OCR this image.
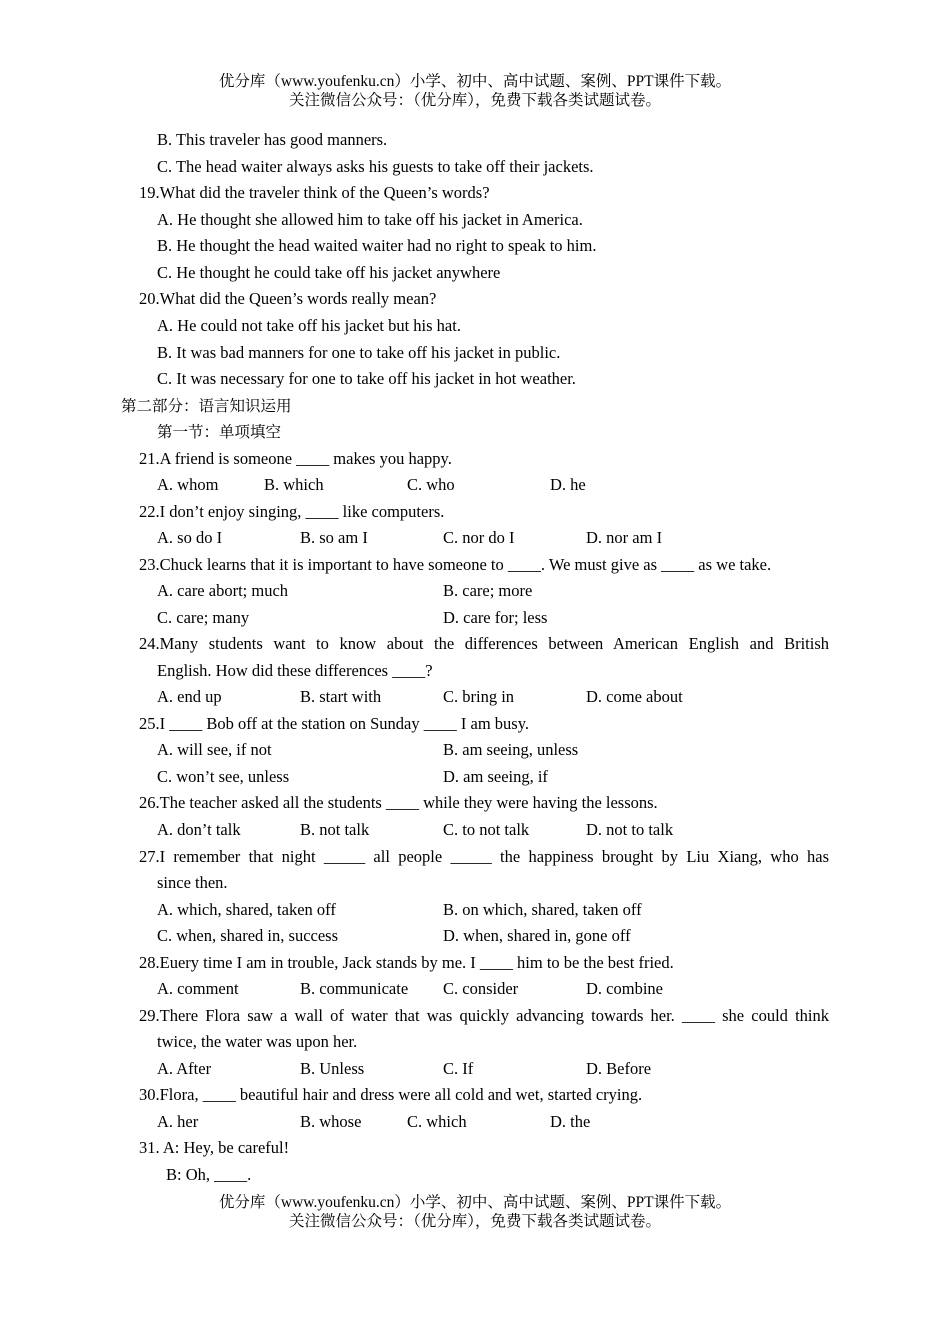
优分库（www.youfenku.cn）小学、初中、高中试题、案例、PPT课件下载。
关注微信公众号：（优分库），免费下载各类试题试卷。
B. This traveler has good manners.
C. The head waiter always asks his guests to take off their jackets.
19.What did the traveler think of the Queen’s words?
A. He thought she allowed him to take off his jacket in America.
B. He thought the head waited waiter had no right to speak to him.
C. He thought he could take off his jacket anywhere
20.What did the Queen’s words really mean?
A. He could not take off his jacket but his hat.
B. It was bad manners for one to take off his jacket in public.
C. It was necessary for one to take off his jacket in hot weather.
第二部分：语言知识运用
第一节：单项填空
21.A friend is someone ____ makes you happy.
A. whom	B. which	C. who	D. he
22.I don’t enjoy singing, ____ like computers.
A. so do I	B. so am I	C. nor do I	D. nor am I
23.Chuck learns that it is important to have someone to ____. We must give as ____ as we take.
A. care abort; much	B. care; more
C. care; many	D. care for; less
24.Many students want to know about the differences between American English and British
English. How did these differences ____?
A. end up	B. start with	C. bring in	D. come about
25.I ____ Bob off at the station on Sunday ____ I am busy.
A. will see, if not	B. am seeing, unless
C. won’t see, unless	D. am seeing, if
26.The teacher asked all the students ____ while they were having the lessons.
A. don’t talk	B. not talk	C. to not talk	D. not to talk
27.I remember that night _____ all people _____ the happiness brought by Liu Xiang, who has
since then.
A. which, shared, taken off	B. on which, shared, taken off
C. when, shared in, success	D. when, shared in, gone off
28.Euery time I am in trouble, Jack stands by me. I ____ him to be the best fried.
A. comment	B. communicate C. consider	D. combine
29.There Flora saw a wall of water that was quickly advancing towards her. ____ she could think
twice, the water was upon her.
A. After	B. Unless	C. If	D. Before
30.Flora, ____ beautiful hair and dress were all cold and wet, started crying.
A. her	B. whose	C. which	D. the
31. A: Hey, be careful!
B: Oh, ____.
优分库（www.youfenku.cn）小学、初中、高中试题、案例、PPT课件下载。
关注微信公众号：（优分库），免费下载各类试题试卷。
